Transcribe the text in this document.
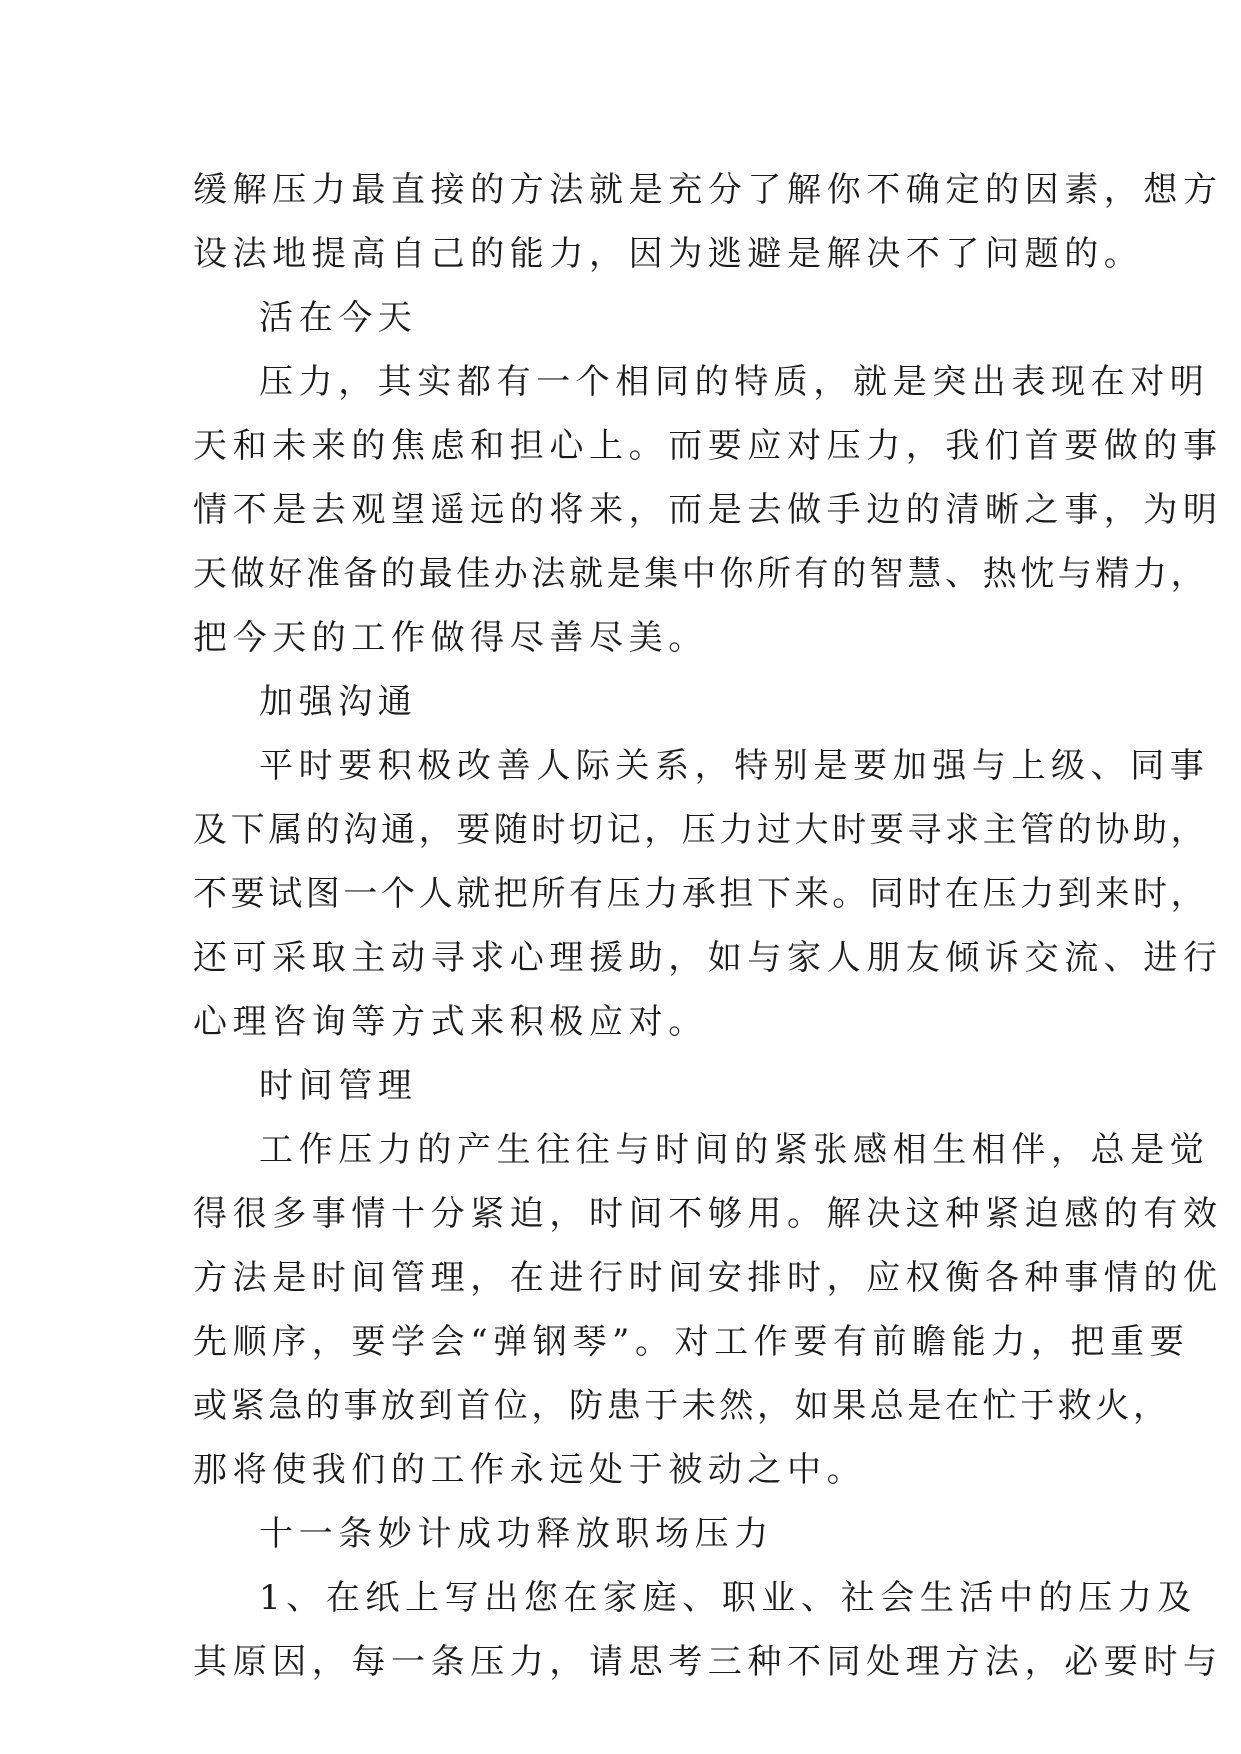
缓解压力最直接的方法就是充分了解你不确定的因素，想方
设法地提高自己的能力，因为逃避是解决不了问题的。
活在今天
压力，其实都有一个相同的特质，就是突出表现在对明
天和未来的焦虑和担心上。而要应对压力，我们首要做的事
情不是去观望遥远的将来，而是去做手边的清晰之事，为明
天做好准备的最佳办法就是集中你所有的智慧、热忱与精力，
把今天的工作做得尽善尽美。
加强沟通
平时要积极改善人际关系，特别是要加强与上级、同事
及下属的沟通，要随时切记，压力过大时要寻求主管的协助，
不要试图一个人就把所有压力承担下来。同时在压力到来时，
还可采取主动寻求心理援助，如与家人朋友倾诉交流、进行
心理咨询等方式来积极应对。
时间管理
工作压力的产生往往与时间的紧张感相生相伴，总是觉
得很多事情十分紧迫，时间不够用。解决这种紧迫感的有效
方法是时间管理，在进行时间安排时，应权衡各种事情的优
先顺序，要学会“弹钢琴”。对工作要有前瞻能力，把重要
或紧急的事放到首位，防患于未然，如果总是在忙于救火，
那将使我们的工作永远处于被动之中。
十一条妙计成功释放职场压力
1、在纸上写出您在家庭、职业、社会生活中的压力及
其原因，每一条压力，请思考三种不同处理方法，必要时与
